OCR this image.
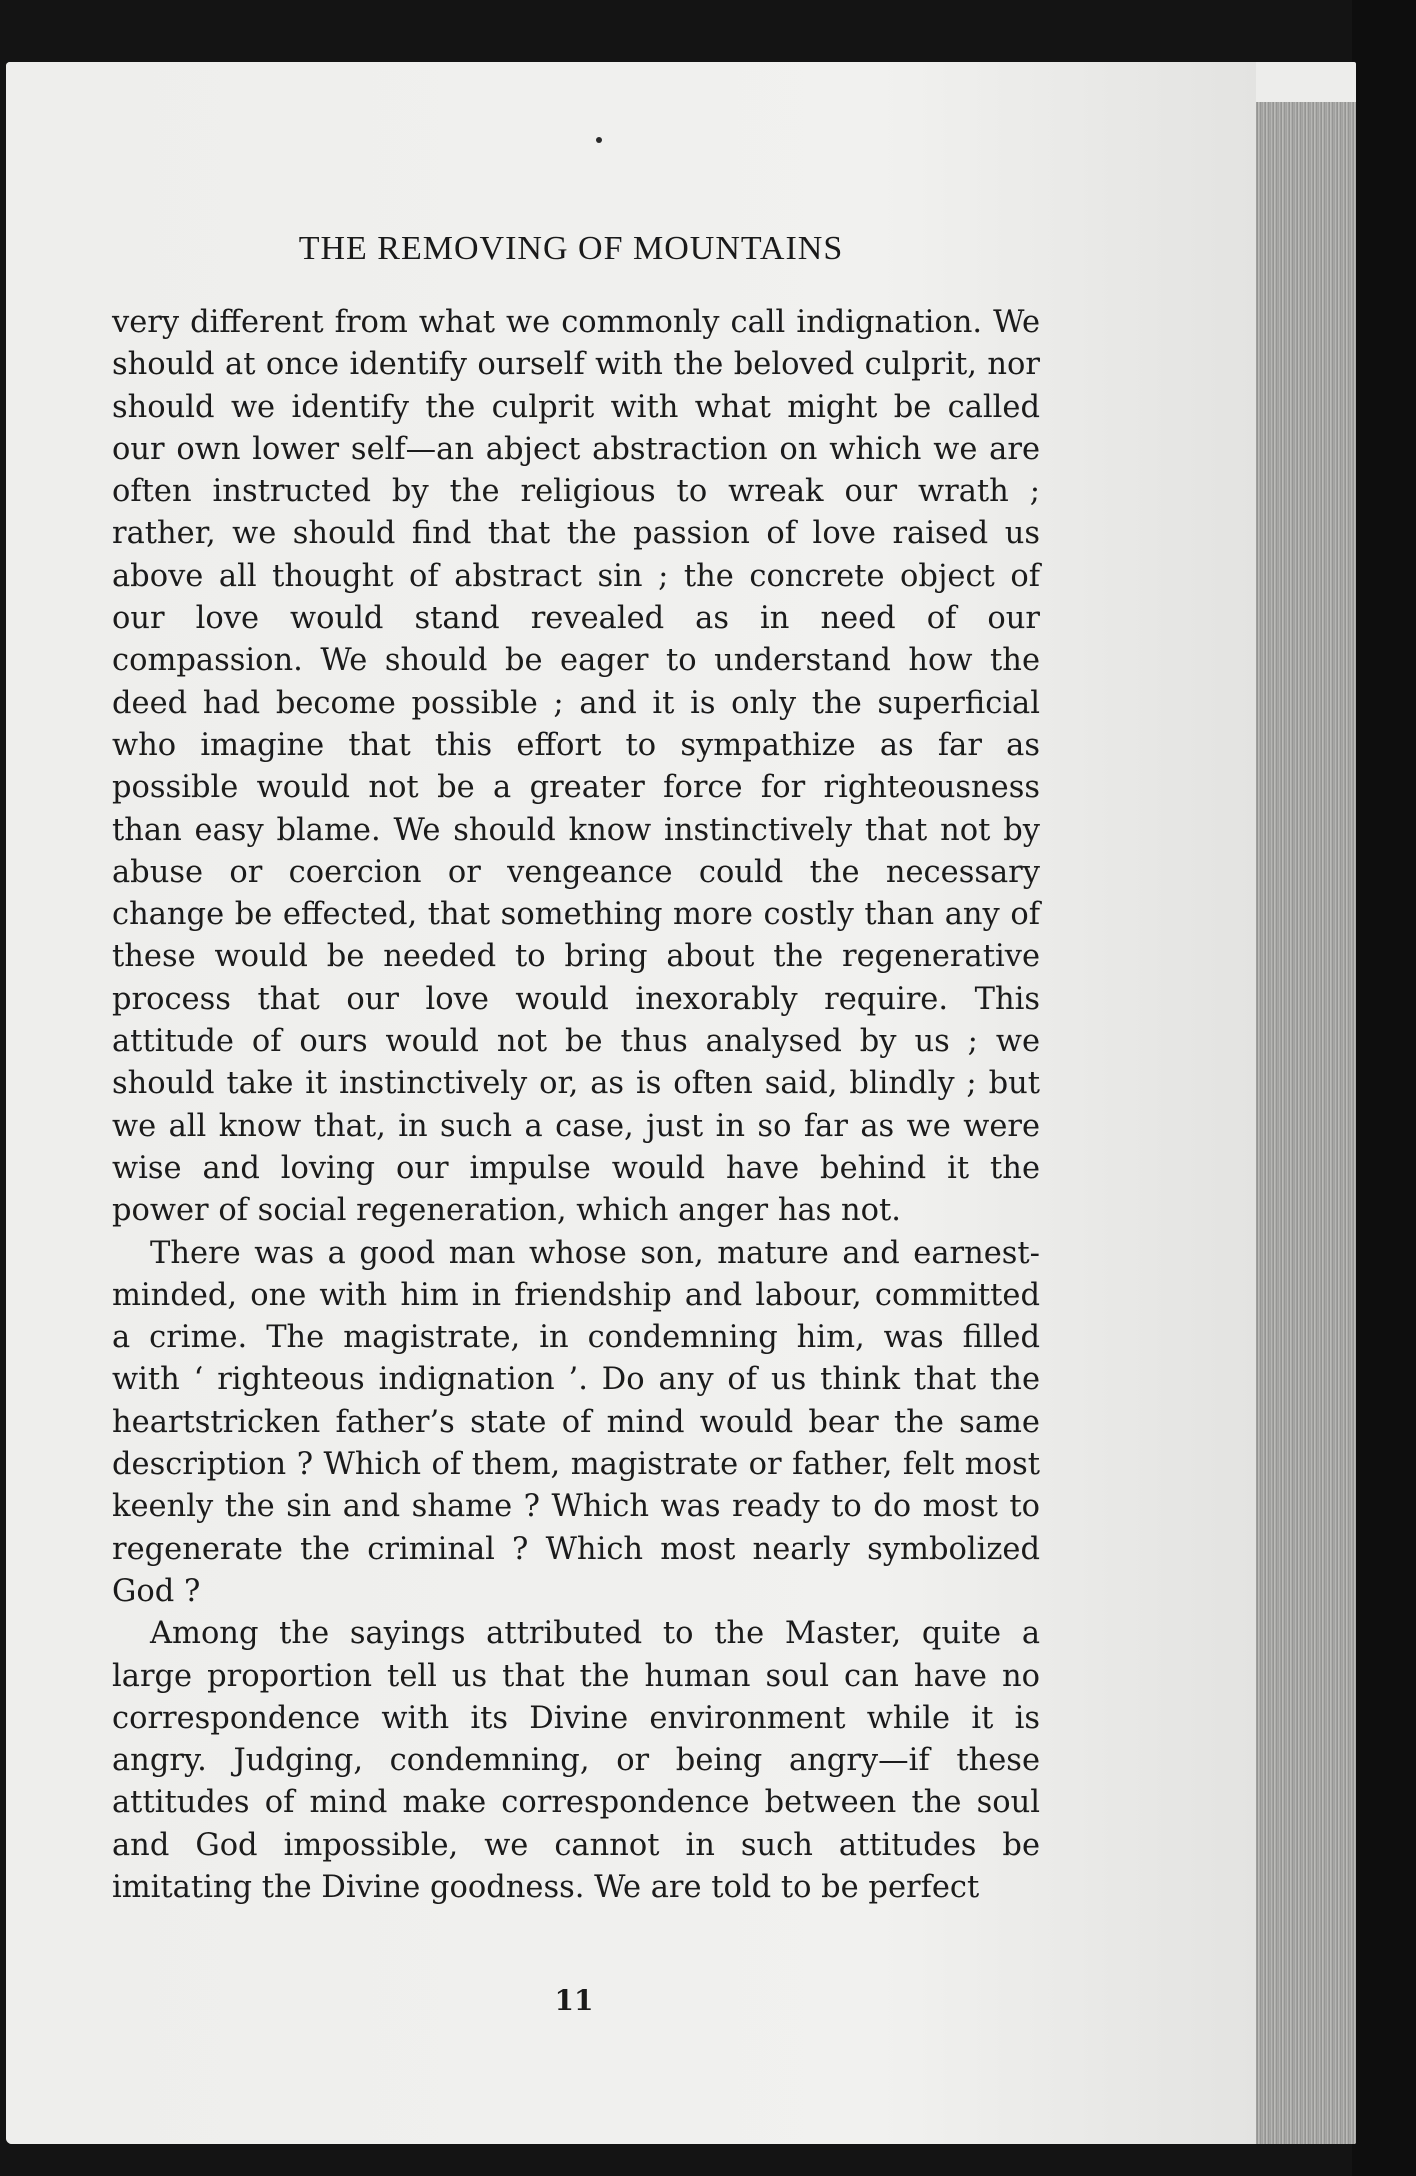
THE REMOVING OF MOUNTAINS

very different from what we commonly call indignation. We should at once identify ourself with the beloved culprit, nor should we identify the culprit with what might be called our own lower self—an abject abstraction on which we are often instructed by the religious to wreak our wrath ; rather, we should find that the passion of love raised us above all thought of abstract sin ; the concrete object of our love would stand revealed as in need of our compassion. We should be eager to understand how the deed had become possible ; and it is only the superficial who imagine that this effort to sympathize as far as possible would not be a greater force for righteousness than easy blame. We should know instinctively that not by abuse or coercion or vengeance could the necessary change be effected, that something more costly than any of these would be needed to bring about the regenerative process that our love would inexorably require. This attitude of ours would not be thus analysed by us ; we should take it instinctively or, as is often said, blindly ; but we all know that, in such a case, just in so far as we were wise and loving our impulse would have behind it the power of social regeneration, which anger has not.

There was a good man whose son, mature and earnest-minded, one with him in friendship and labour, committed a crime. The magistrate, in condemning him, was filled with ‘ righteous indignation ’. Do any of us think that the heartstricken father’s state of mind would bear the same description ? Which of them, magistrate or father, felt most keenly the sin and shame ? Which was ready to do most to regenerate the criminal ? Which most nearly symbolized God ?

Among the sayings attributed to the Master, quite a large proportion tell us that the human soul can have no correspondence with its Divine environment while it is angry. Judging, condemning, or being angry—if these attitudes of mind make correspondence between the soul and God impossible, we cannot in such attitudes be imitating the Divine goodness. We are told to be perfect

11
